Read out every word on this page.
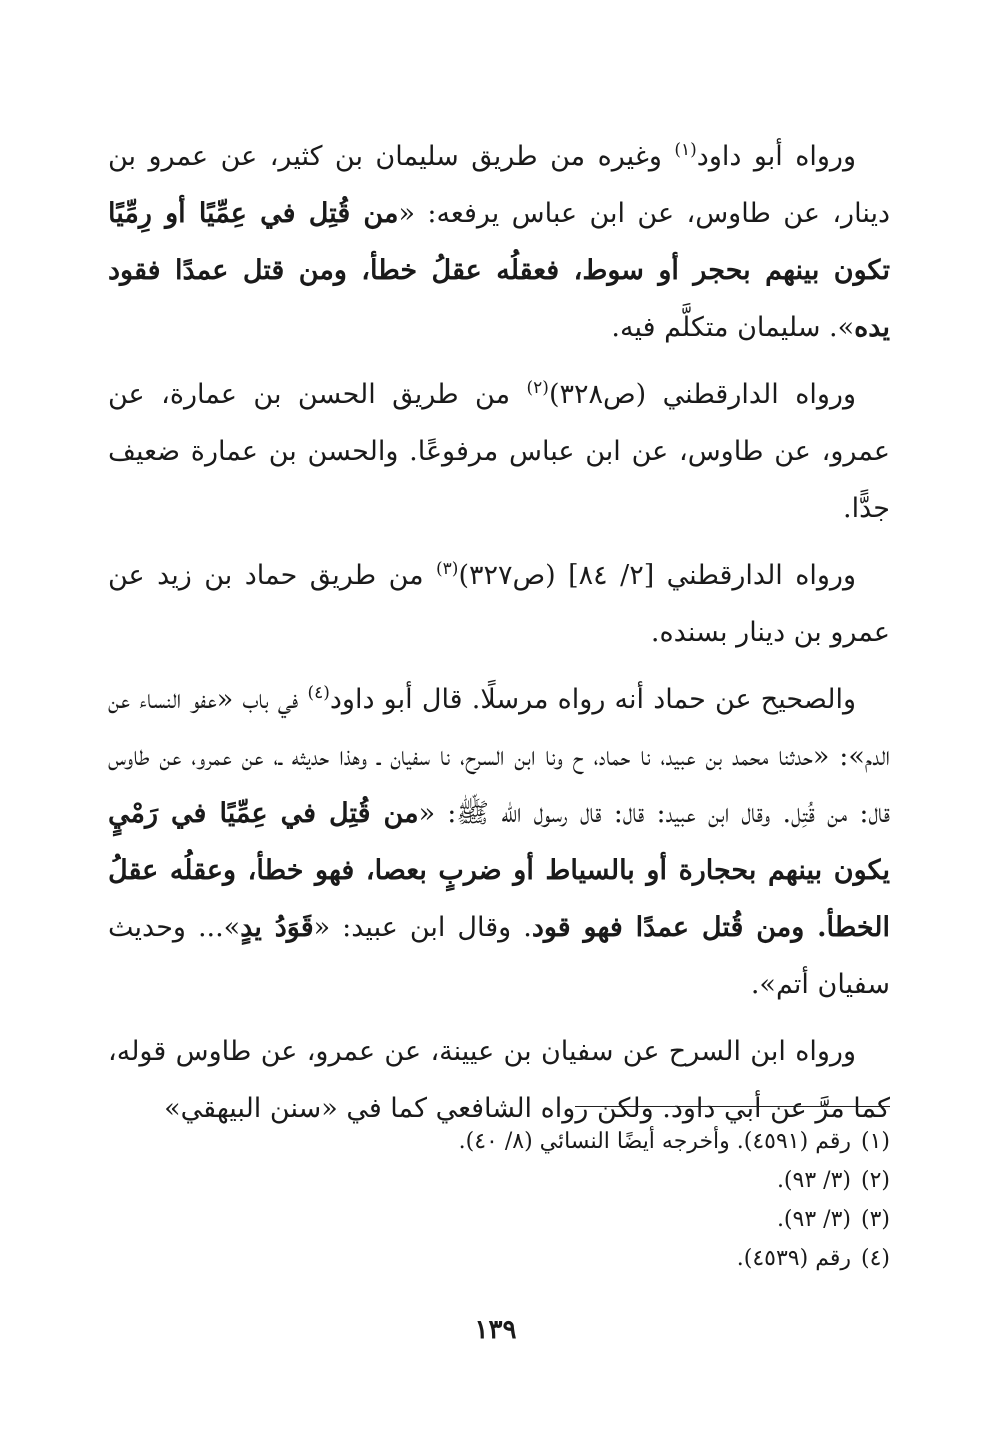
ورواه أبو داود$^{(١)}$ وغيره من طريق سليمان بن كثير، عن عمرو بن دينار، عن طاوس، عن ابن عباس يرفعه: «من قُتِل في عِمِّيًا أو رِمِّيًا تكون بينهم بحجر أو سوط، فعقلُه عقلُ خطأ، ومن قتل عمدًا فقود يده». سليمان متكلَّم فيه.

ورواه الدارقطني (ص٣٢٨)$^{(٢)}$ من طريق الحسن بن عمارة، عن عمرو، عن طاوس، عن ابن عباس مرفوعًا. والحسن بن عمارة ضعيف جدًّا.

ورواه الدارقطني [٢/ ٨٤] (ص٣٢٧)$^{(٣)}$ من طريق حماد بن زيد عن عمرو بن دينار بسنده.

والصحيح عن حماد أنه رواه مرسلًا. قال أبو داود$^{(٤)}$ في باب «عفو النساء عن الدم»: «حدثنا محمد بن عبيد، نا حماد، ح ونا ابن السرح، نا سفيان ـ وهذا حديثه ـ، عن عمرو، عن طاوس قال: من قُتِل. وقال ابن عبيد: قال: قال رسول الله ﷺ: «من قُتِل في عِمِّيًا في رَمْيٍ يكون بينهم بحجارة أو بالسياط أو ضربٍ بعصا، فهو خطأ، وعقلُه عقلُ الخطأ. ومن قُتل عمدًا فهو قود. وقال ابن عبيد: «قَوَدُ يدٍ»... وحديث سفيان أتم».

ورواه ابن السرح عن سفيان بن عيينة، عن عمرو، عن طاوس قوله، كما مرَّ عن أبي داود. ولكن رواه الشافعي كما في «سنن البيهقي»

(١)رقم (٤٥٩١). وأخرجه أيضًا النسائي (٨/ ٤٠).

(٢)(٣/ ٩٣).

(٣)(٣/ ٩٣).

(٤)رقم (٤٥٣٩).

١٣٩
